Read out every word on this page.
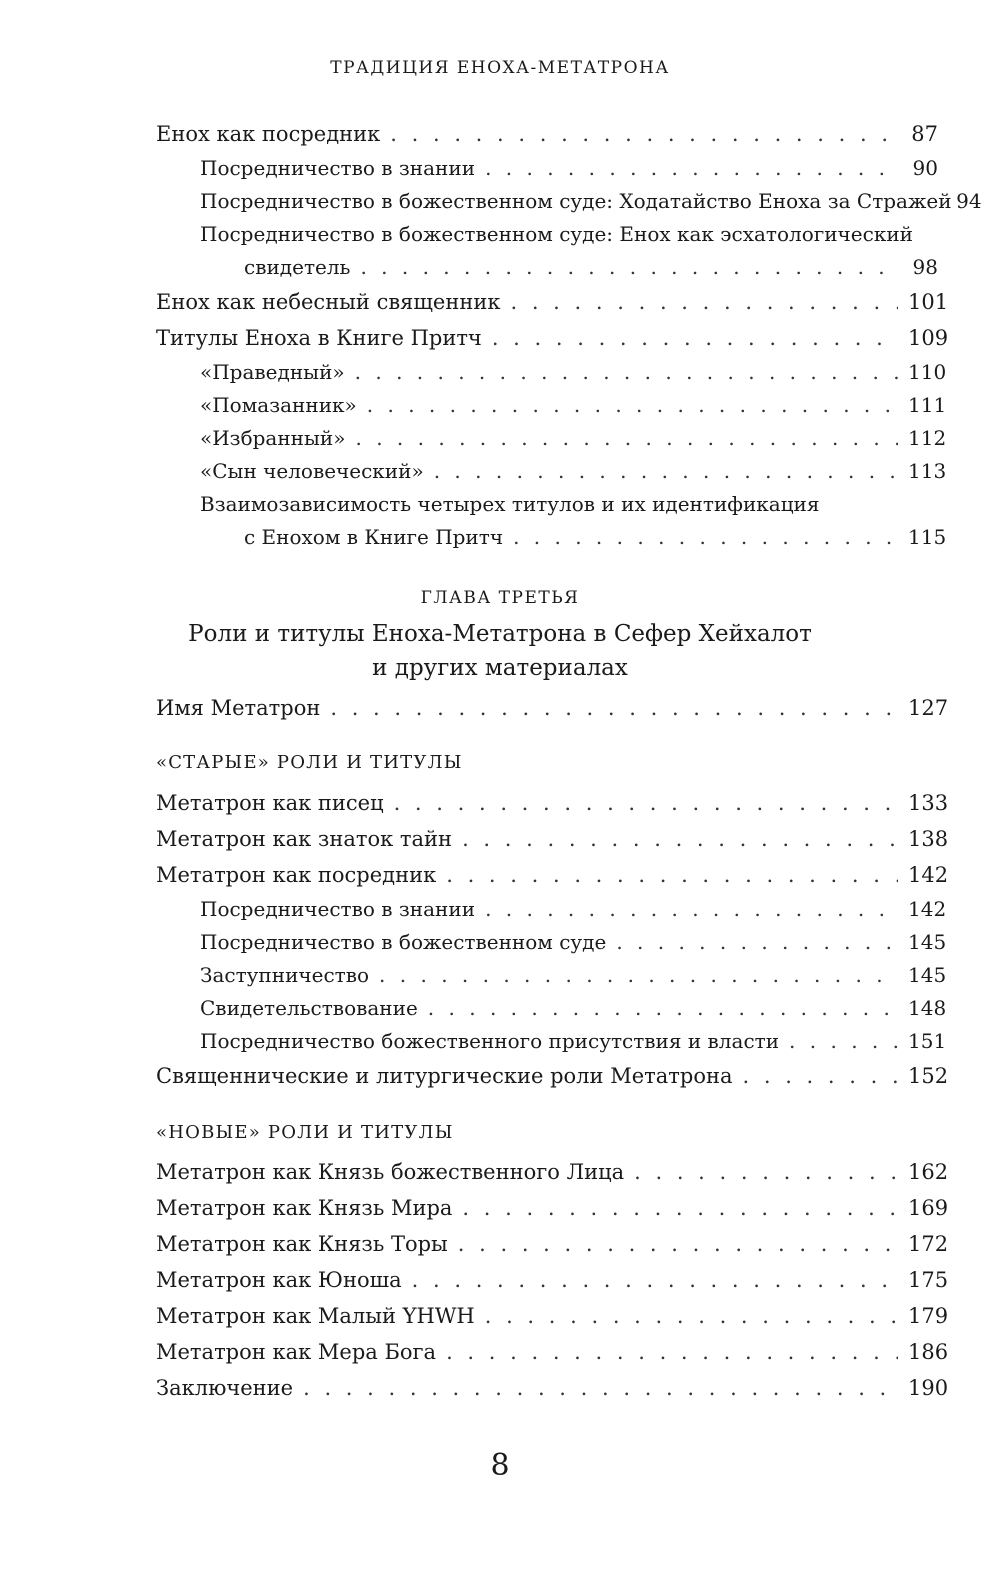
ТРАДИЦИЯ ЕНОХА-МЕТАТРОНА
Енох как посредник . . .	87
Посредничество в знании . . .	90
Посредничество в божественном суде: Ходатайство Еноха за Стражей 94
Посредничество в божественном суде: Енох как эсхатологический
свидетель . . .	98
Енох как небесный священник . . .	101
Титулы Еноха в Книге Притч . . .	109
«Праведный» . . .	110
«Помазанник» . . .	111
«Избранный» . . .	112
«Сын человеческий» . . .	113
Взаимозависимость четырех титулов и их идентификация
с Енохом в Книге Притч . . .	115
ГЛАВА ТРЕТЬЯ
Роли и титулы Еноха-Метатрона в Сефер Хейхалот
и других материалах
Имя Метатрон . . .	127
«СТАРЫЕ» РОЛИ И ТИТУЛЫ
Метатрон как писец . . .	133
Метатрон как знаток тайн . . .	138
Метатрон как посредник . . .	142
Посредничество в знании . . .	142
Посредничество в божественном суде . . .	145
Заступничество . . .	145
Свидетельствование . . .	148
Посредничество божественного присутствия и власти . . .	151
Священнические и литургические роли Метатрона . . .	152
«НОВЫЕ» РОЛИ И ТИТУЛЫ
Метатрон как Князь божественного Лица . . .	162
Метатрон как Князь Мира . . .	169
Метатрон как Князь Торы . . .	172
Метатрон как Юноша . . .	175
Метатрон как Малый YHWH . . .	179
Метатрон как Мера Бога . . .	186
Заключение . . .	190
8
